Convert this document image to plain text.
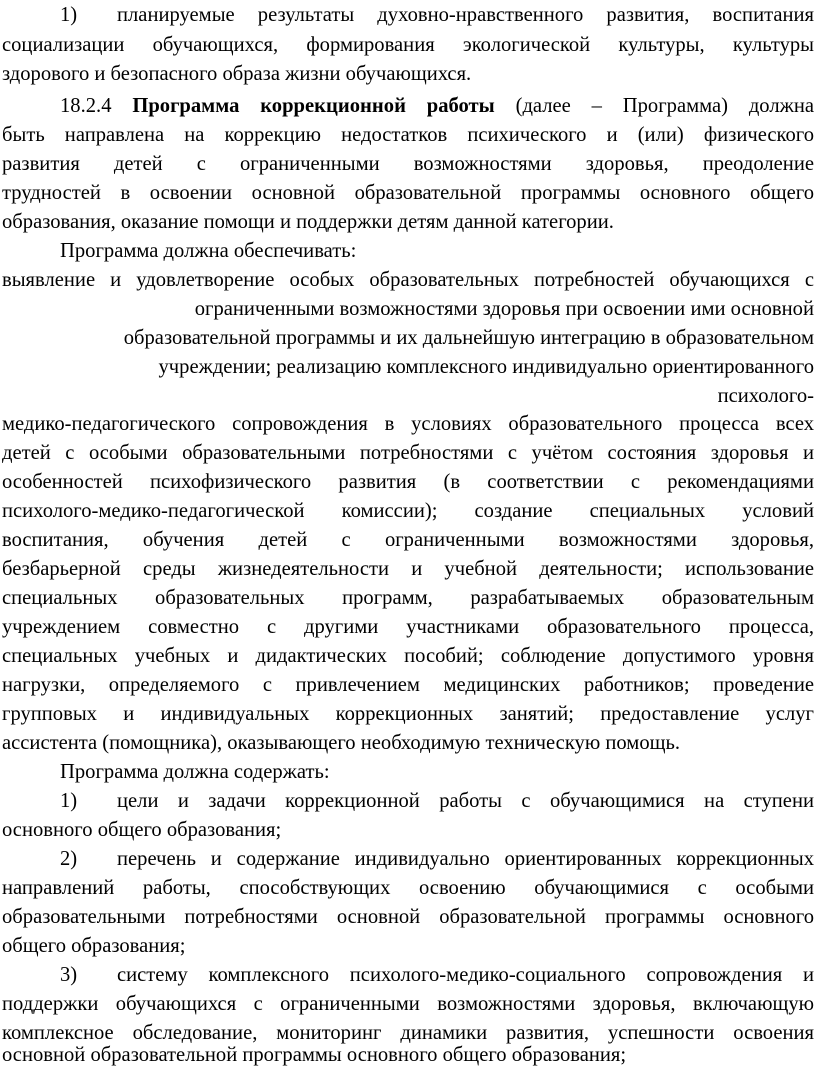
1) планируемые результаты духовно-нравственного развития, воспитания
социализации обучающихся, формирования экологической культуры, культуры
здорового и безопасного образа жизни обучающихся.
18.2.4 Программа коррекционной работы (далее – Программа) должна
быть направлена на коррекцию недостатков психического и (или) физического
развития детей с ограниченными возможностями здоровья, преодоление
трудностей в освоении основной образовательной программы основного общего
образования, оказание помощи и поддержки детям данной категории.
Программа должна обеспечивать:
выявление и удовлетворение особых образовательных потребностей обучающихся с
ограниченными возможностями здоровья при освоении ими основной
образовательной программы и их дальнейшую интеграцию в образовательном
учреждении; реализацию комплексного индивидуально ориентированного
психолого-
медико-педагогического сопровождения в условиях образовательного процесса всех
детей с особыми образовательными потребностями с учётом состояния здоровья и
особенностей психофизического развития (в соответствии с рекомендациями
психолого-медико-педагогической комиссии); создание специальных условий
воспитания, обучения детей с ограниченными возможностями здоровья,
безбарьерной среды жизнедеятельности и учебной деятельности; использование
специальных образовательных программ, разрабатываемых образовательным
учреждением совместно с другими участниками образовательного процесса,
специальных учебных и дидактических пособий; соблюдение допустимого уровня
нагрузки, определяемого с привлечением медицинских работников; проведение
групповых и индивидуальных коррекционных занятий; предоставление услуг
ассистента (помощника), оказывающего необходимую техническую помощь.
Программа должна содержать:
1) цели и задачи коррекционной работы с обучающимися на ступени
основного общего образования;
2) перечень и содержание индивидуально ориентированных коррекционных
направлений работы, способствующих освоению обучающимися с особыми
образовательными потребностями основной образовательной программы основного
общего образования;
3) систему комплексного психолого-медико-социального сопровождения и
поддержки обучающихся с ограниченными возможностями здоровья, включающую
комплексное обследование, мониторинг динамики развития, успешности освоения
основной образовательной программы основного общего образования;
